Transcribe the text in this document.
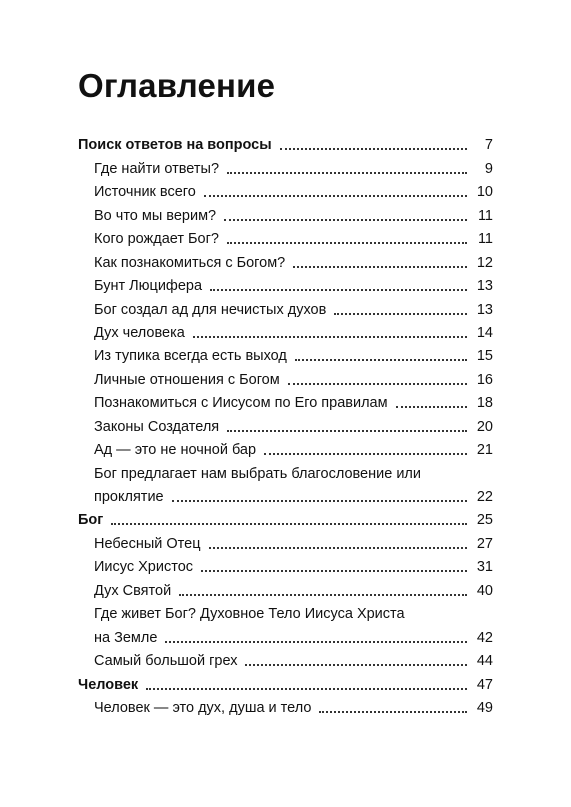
Оглавление
Поиск ответов на вопросы	7
Где найти ответы?	9
Источник всего	10
Во что мы верим?	11
Кого рождает Бог?	11
Как познакомиться с Богом?	12
Бунт Люцифера	13
Бог создал ад для нечистых духов	13
Дух человека	14
Из тупика всегда есть выход	15
Личные отношения с Богом	16
Познакомиться с Иисусом по Его правилам	18
Законы Создателя	20
Ад — это не ночной бар	21
Бог предлагает нам выбрать благословение или
проклятие	22
Бог	25
Небесный Отец	27
Иисус Христос	31
Дух Святой	40
Где живет Бог? Духовное Тело Иисуса Христа
на Земле	42
Самый большой грех	44
Человек	47
Человек — это дух, душа и тело	49
